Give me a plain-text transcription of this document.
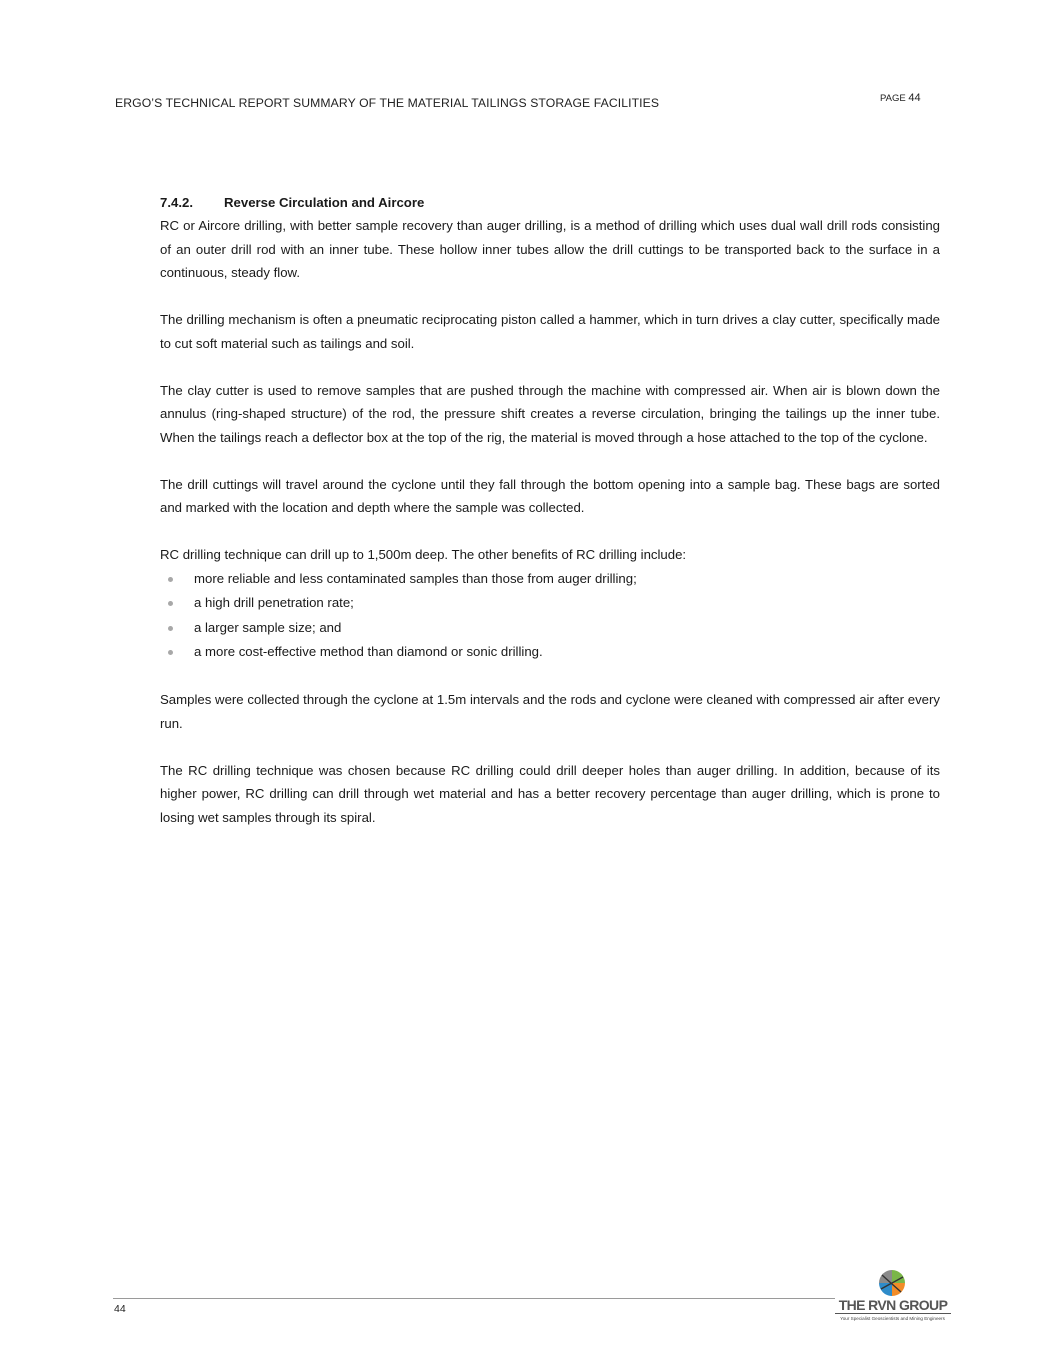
ERGO’S TECHNICAL REPORT SUMMARY OF THE MATERIAL TAILINGS STORAGE FACILITIES	PAGE 44
7.4.2.	Reverse Circulation and Aircore

RC or Aircore drilling, with better sample recovery than auger drilling, is a method of drilling which uses dual wall drill rods consisting of an outer drill rod with an inner tube. These hollow inner tubes allow the drill cuttings to be transported back to the surface in a continuous, steady flow.

The drilling mechanism is often a pneumatic reciprocating piston called a hammer, which in turn drives a clay cutter, specifically made to cut soft material such as tailings and soil.

The clay cutter is used to remove samples that are pushed through the machine with compressed air. When air is blown down the annulus (ring-shaped structure) of the rod, the pressure shift creates a reverse circulation, bringing the tailings up the inner tube. When the tailings reach a deflector box at the top of the rig, the material is moved through a hose attached to the top of the cyclone.

The drill cuttings will travel around the cyclone until they fall through the bottom opening into a sample bag. These bags are sorted and marked with the location and depth where the sample was collected.

RC drilling technique can drill up to 1,500m deep. The other benefits of RC drilling include:

more reliable and less contaminated samples than those from auger drilling;
a high drill penetration rate;
a larger sample size; and
a more cost-effective method than diamond or sonic drilling.

Samples were collected through the cyclone at 1.5m intervals and the rods and cyclone were cleaned with compressed air after every run.

The RC drilling technique was chosen because RC drilling could drill deeper holes than auger drilling. In addition, because of its higher power, RC drilling can drill through wet material and has a better recovery percentage than auger drilling, which is prone to losing wet samples through its spiral.

44	THE RVN GROUP
Your Specialist Geoscientists and Mining Engineers
